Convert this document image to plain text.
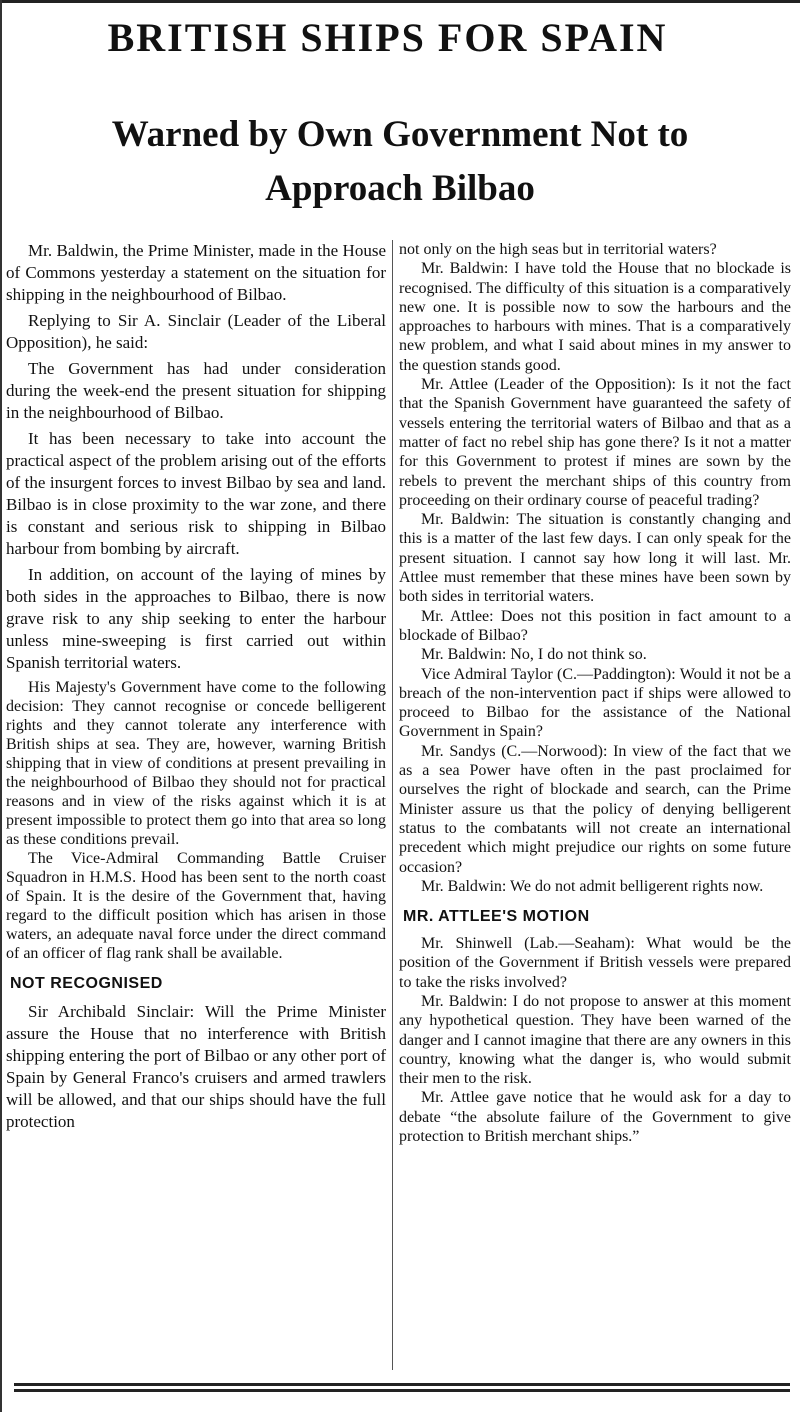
BRITISH SHIPS FOR SPAIN
Warned by Own Government Not to
Approach Bilbao

Mr. Baldwin, the Prime Minister, made in the House of Commons yesterday a statement on the situation for shipping in the neighbourhood of Bilbao.

Replying to Sir A. Sinclair (Leader of the Liberal Opposition), he said:

The Government has had under consideration during the week-end the present situation for shipping in the neighbourhood of Bilbao.

It has been necessary to take into account the practical aspect of the problem arising out of the efforts of the insurgent forces to invest Bilbao by sea and land. Bilbao is in close proximity to the war zone, and there is constant and serious risk to shipping in Bilbao harbour from bombing by aircraft.

In addition, on account of the laying of mines by both sides in the approaches to Bilbao, there is now grave risk to any ship seeking to enter the harbour unless mine-sweeping is first carried out within Spanish territorial waters.

His Majesty's Government have come to the following decision: They cannot recognise or concede belligerent rights and they cannot tolerate any interference with British ships at sea. They are, however, warning British shipping that in view of conditions at present prevailing in the neighbourhood of Bilbao they should not for practical reasons and in view of the risks against which it is at present impossible to protect them go into that area so long as these conditions prevail.

The Vice-Admiral Commanding Battle Cruiser Squadron in H.M.S. Hood has been sent to the north coast of Spain. It is the desire of the Government that, having regard to the difficult position which has arisen in those waters, an adequate naval force under the direct command of an officer of flag rank shall be available.

NOT RECOGNISED

Sir Archibald Sinclair: Will the Prime Minister assure the House that no interference with British shipping entering the port of Bilbao or any other port of Spain by General Franco's cruisers and armed trawlers will be allowed, and that our ships should have the full protection

not only on the high seas but in territorial waters?

Mr. Baldwin: I have told the House that no blockade is recognised. The difficulty of this situation is a comparatively new one. It is possible now to sow the harbours and the approaches to harbours with mines. That is a comparatively new problem, and what I said about mines in my answer to the question stands good.

Mr. Attlee (Leader of the Opposition): Is it not the fact that the Spanish Government have guaranteed the safety of vessels entering the territorial waters of Bilbao and that as a matter of fact no rebel ship has gone there? Is it not a matter for this Government to protest if mines are sown by the rebels to prevent the merchant ships of this country from proceeding on their ordinary course of peaceful trading?

Mr. Baldwin: The situation is constantly changing and this is a matter of the last few days. I can only speak for the present situation. I cannot say how long it will last. Mr. Attlee must remember that these mines have been sown by both sides in territorial waters.

Mr. Attlee: Does not this position in fact amount to a blockade of Bilbao?

Mr. Baldwin: No, I do not think so.

Vice Admiral Taylor (C.—Paddington): Would it not be a breach of the non-intervention pact if ships were allowed to proceed to Bilbao for the assistance of the National Government in Spain?

Mr. Sandys (C.—Norwood): In view of the fact that we as a sea Power have often in the past proclaimed for ourselves the right of blockade and search, can the Prime Minister assure us that the policy of denying belligerent status to the combatants will not create an international precedent which might prejudice our rights on some future occasion?

Mr. Baldwin: We do not admit belligerent rights now.

MR. ATTLEE'S MOTION

Mr. Shinwell (Lab.—Seaham): What would be the position of the Government if British vessels were prepared to take the risks involved?

Mr. Baldwin: I do not propose to answer at this moment any hypothetical question. They have been warned of the danger and I cannot imagine that there are any owners in this country, knowing what the danger is, who would submit their men to the risk.

Mr. Attlee gave notice that he would ask for a day to debate “the absolute failure of the Government to give protection to British merchant ships.”
